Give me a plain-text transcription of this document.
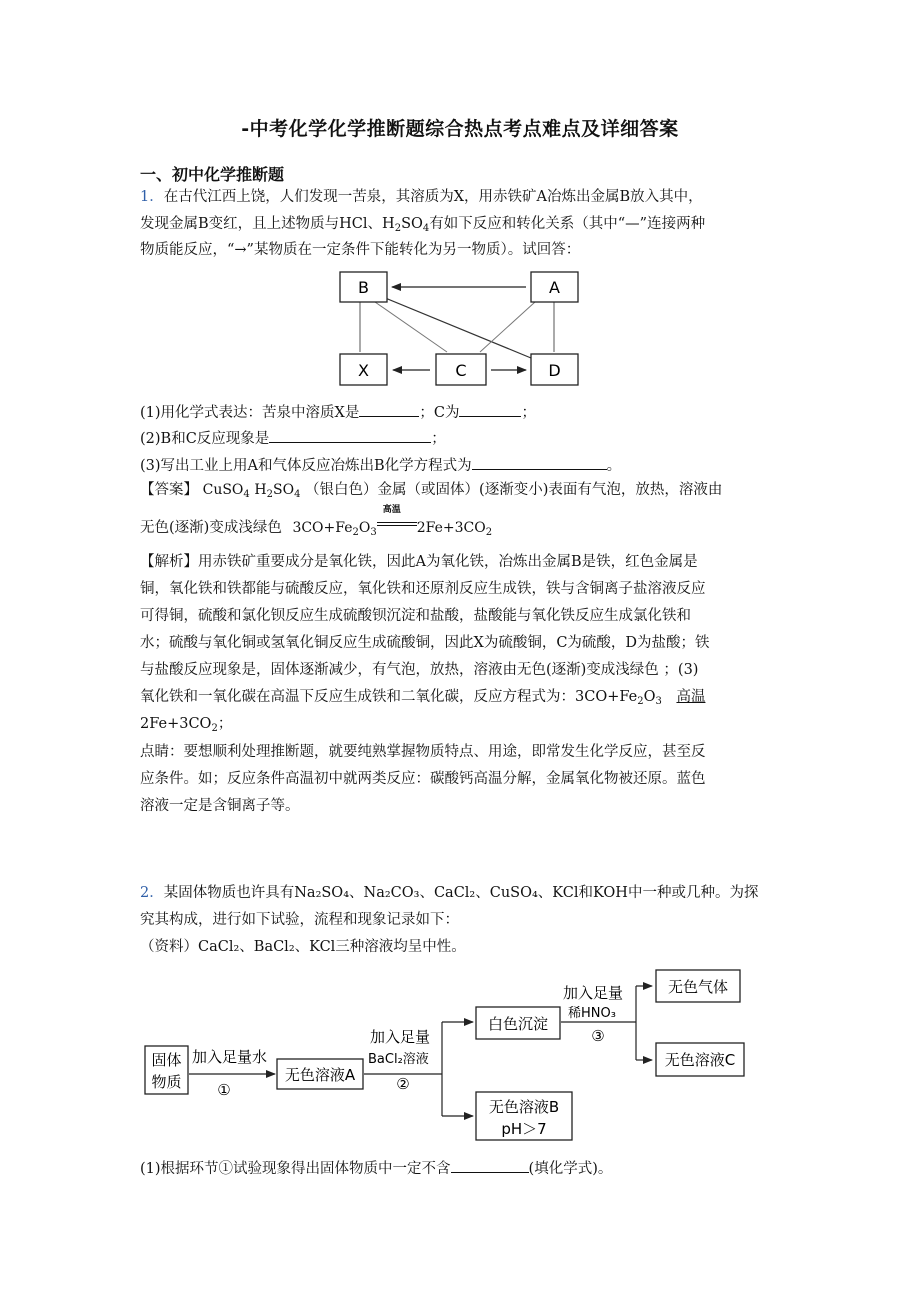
-中考化学化学推断题综合热点考点难点及详细答案
一、初中化学推断题
1．在古代江西上饶，人们发现一苦泉，其溶质为X，用赤铁矿A冶炼出金属B放入其中，
发现金属B变红，且上述物质与HCl、$H_2SO_4$有如下反应和转化关系（其中“—”连接两种
物质能反应，“→”某物质在一定条件下能转化为另一物质）。试回答：
B	A
X	C	D
(1)用化学式表达：苦泉中溶质X是	；C为	；
(2)B和C反应现象是	；
(3)写出工业上用A和气体反应冶炼出B化学方程式为	。
【答案】 CuSO$_4$ $H_2SO_4$ （银白色）金属（或固体）(逐渐变小)表面有气泡，放热，溶液由
无色(逐渐)变成浅绿色 $3CO+Fe_2O_3$
高温
$2Fe+3CO_2$
【解析】用赤铁矿重要成分是氧化铁，因此A为氧化铁，冶炼出金属B是铁，红色金属是
铜，氧化铁和铁都能与硫酸反应，氧化铁和还原剂反应生成铁，铁与含铜离子盐溶液反应
可得铜，硫酸和氯化钡反应生成硫酸钡沉淀和盐酸，盐酸能与氧化铁反应生成氯化铁和
水；硫酸与氧化铜或氢氧化铜反应生成硫酸铜，因此X为硫酸铜，C为硫酸，D为盐酸；铁
与盐酸反应现象是，固体逐渐减少，有气泡，放热，溶液由无色(逐渐)变成浅绿色 ；(3)
氧化铁和一氧化碳在高温下反应生成铁和二氧化碳，反应方程式为：$3CO+Fe_2O_3$ 高温
$2Fe+3CO_2$；
点睛：要想顺利处理推断题，就要纯熟掌握物质特点、用途，即常发生化学反应，甚至反
应条件。如；反应条件高温初中就两类反应：碳酸钙高温分解，金属氧化物被还原。蓝色
溶液一定是含铜离子等。
2．某固体物质也许具有Na₂SO₄、Na₂CO₃、CaCl₂、CuSO₄、KCl和KOH中一种或几种。为探
究其构成，进行如下试验，流程和现象记录如下：
（资料）CaCl₂、BaCl₂、KCl三种溶液均呈中性。
固体
物质
加入足量水
①
无色溶液A
加入足量
BaCl₂溶液
②
白色沉淀
无色溶液B
pH＞7
加入足量
稀HNO₃
③
无色气体
无色溶液C
(1)根据环节①试验现象得出固体物质中一定不含	(填化学式)。
